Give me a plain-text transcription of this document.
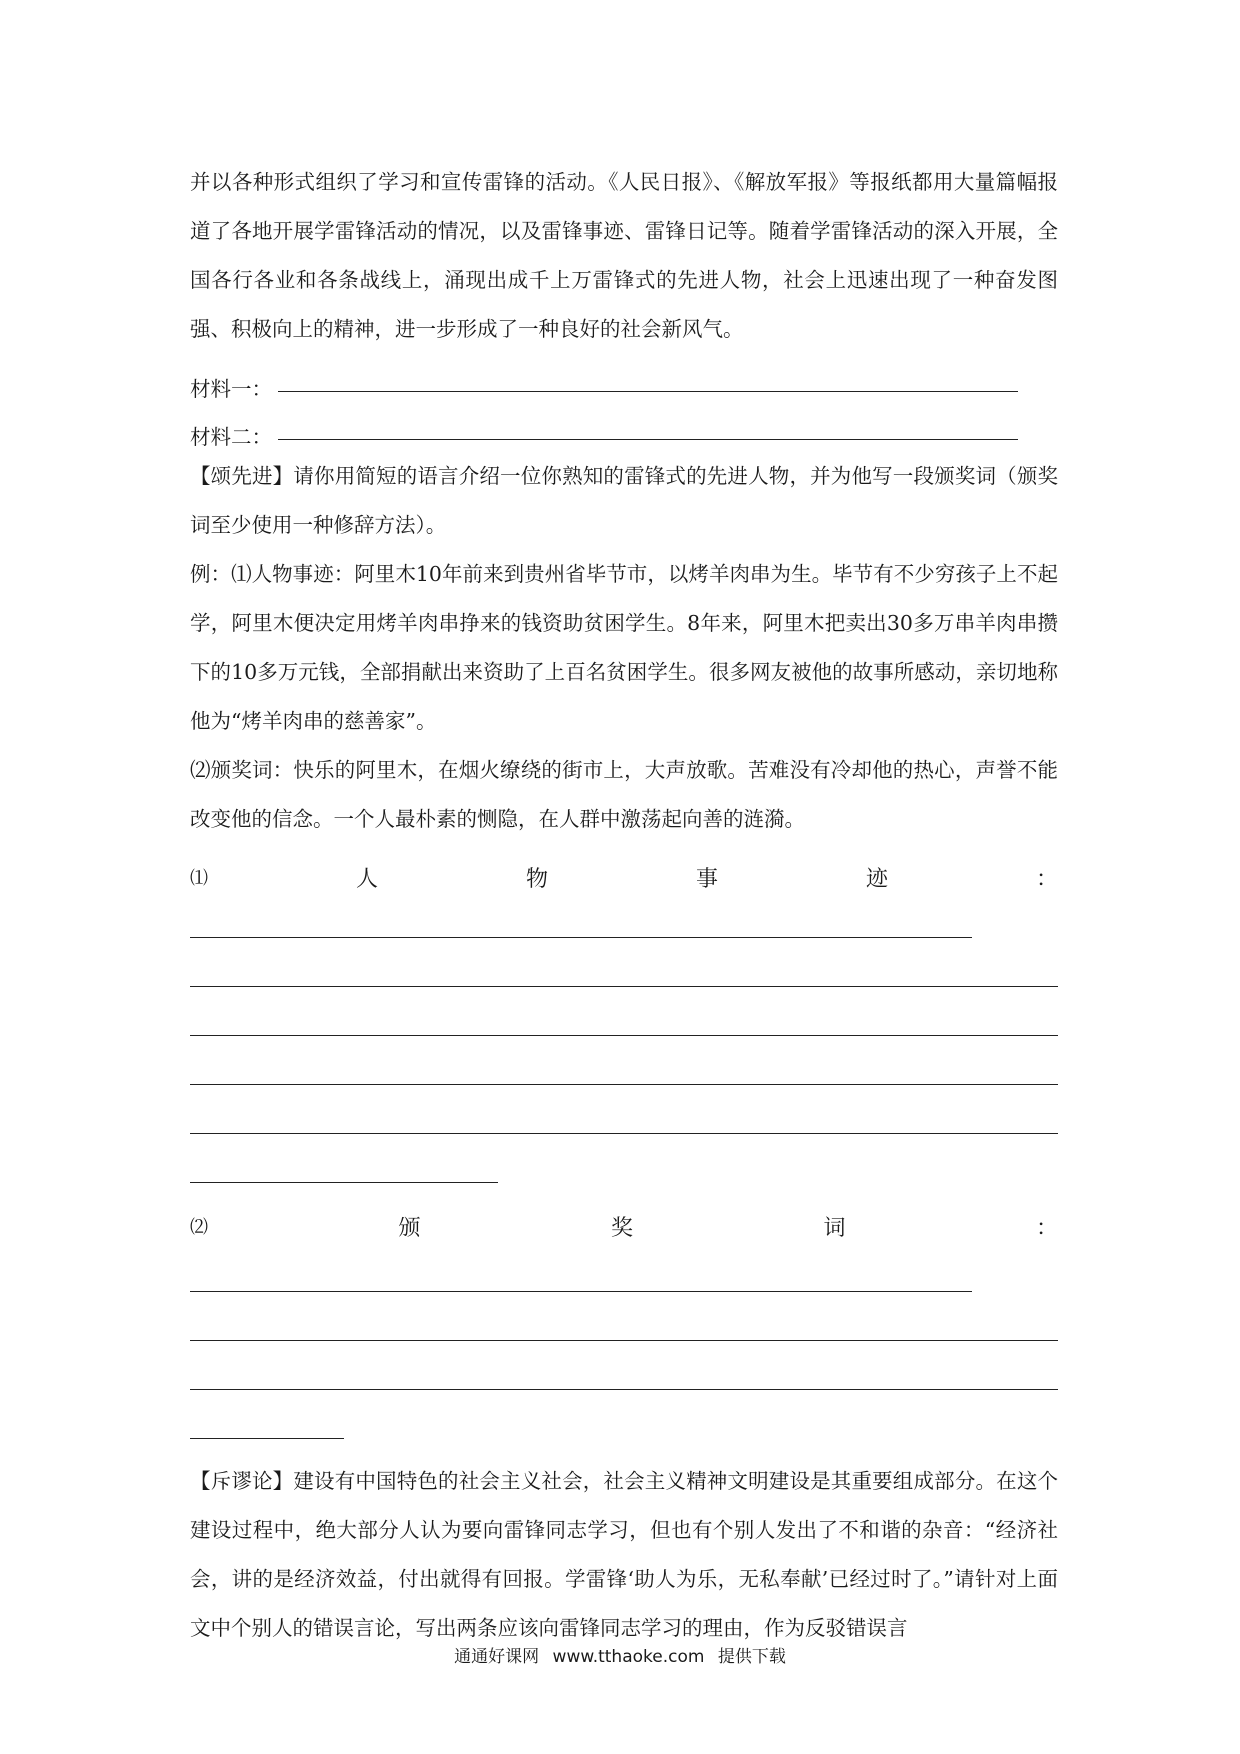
并以各种形式组织了学习和宣传雷锋的活动。《人民日报》、《解放军报》等报纸都用大量篇幅报道了各地开展学雷锋活动的情况，以及雷锋事迹、雷锋日记等。随着学雷锋活动的深入开展，全国各行各业和各条战线上，涌现出成千上万雷锋式的先进人物，社会上迅速出现了一种奋发图强、积极向上的精神，进一步形成了一种良好的社会新风气。

材料一：
材料二：

【颂先进】请你用简短的语言介绍一位你熟知的雷锋式的先进人物，并为他写一段颁奖词（颁奖词至少使用一种修辞方法）。

例：⑴人物事迹：阿里木10年前来到贵州省毕节市，以烤羊肉串为生。毕节有不少穷孩子上不起学，阿里木便决定用烤羊肉串挣来的钱资助贫困学生。8年来，阿里木把卖出30多万串羊肉串攒下的10多万元钱，全部捐献出来资助了上百名贫困学生。很多网友被他的故事所感动，亲切地称他为“烤羊肉串的慈善家”。

⑵颁奖词：快乐的阿里木，在烟火缭绕的街市上，大声放歌。苦难没有冷却他的热心，声誉不能改变他的信念。一个人最朴素的恻隐，在人群中激荡起向善的涟漪。

⑴	人	物	事	迹	：
⑵	颁	奖	词	：

【斥谬论】建设有中国特色的社会主义社会，社会主义精神文明建设是其重要组成部分。在这个建设过程中，绝大部分人认为要向雷锋同志学习，但也有个别人发出了不和谐的杂音：“经济社会，讲的是经济效益，付出就得有回报。学雷锋‘助人为乐，无私奉献’已经过时了。”请针对上面文中个别人的错误言论，写出两条应该向雷锋同志学习的理由，作为反驳错误言

通通好课网 www.tthaoke.com 提供下载
